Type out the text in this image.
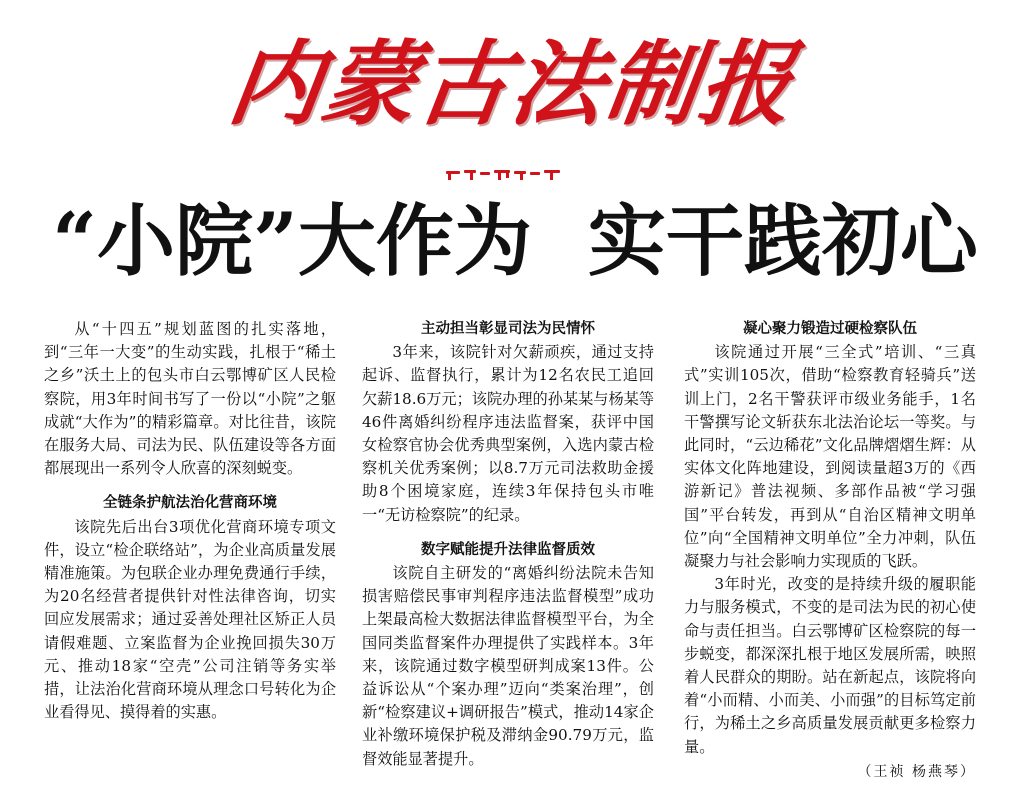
内蒙古法制报
“小院”大作为 实干践初心

从“十四五”规划蓝图的扎实落地，到“三年一大变”的生动实践，扎根于“稀土之乡”沃土上的包头市白云鄂博矿区人民检察院，用3年时间书写了一份以“小院”之躯成就“大作为”的精彩篇章。对比往昔，该院在服务大局、司法为民、队伍建设等各方面都展现出一系列令人欣喜的深刻蜕变。

全链条护航法治化营商环境

该院先后出台3项优化营商环境专项文件，设立“检企联络站”，为企业高质量发展精准施策。为包联企业办理免费通行手续，为20名经营者提供针对性法律咨询，切实回应发展需求；通过妥善处理社区矫正人员请假难题、立案监督为企业挽回损失30万元、推动18家“空壳”公司注销等务实举措，让法治化营商环境从理念口号转化为企业看得见、摸得着的实惠。

主动担当彰显司法为民情怀

3年来，该院针对欠薪顽疾，通过支持起诉、监督执行，累计为12名农民工追回欠薪18.6万元；该院办理的孙某某与杨某等46件离婚纠纷程序违法监督案，获评中国女检察官协会优秀典型案例，入选内蒙古检察机关优秀案例；以8.7万元司法救助金援助8个困境家庭，连续3年保持包头市唯一“无访检察院”的纪录。

数字赋能提升法律监督质效

该院自主研发的“离婚纠纷法院未告知损害赔偿民事审判程序违法监督模型”成功上架最高检大数据法律监督模型平台，为全国同类监督案件办理提供了实践样本。3年来，该院通过数字模型研判成案13件。公益诉讼从“个案办理”迈向“类案治理”，创新“检察建议+调研报告”模式，推动14家企业补缴环境保护税及滞纳金90.79万元，监督效能显著提升。

凝心聚力锻造过硬检察队伍

该院通过开展“三全式”培训、“三真式”实训105次，借助“检察教育轻骑兵”送训上门，2名干警获评市级业务能手，1名干警撰写论文斩获东北法治论坛一等奖。与此同时，“云边稀花”文化品牌熠熠生辉：从实体文化阵地建设，到阅读量超3万的《西游新记》普法视频、多部作品被“学习强国”平台转发，再到从“自治区精神文明单位”向“全国精神文明单位”全力冲刺，队伍凝聚力与社会影响力实现质的飞跃。

3年时光，改变的是持续升级的履职能力与服务模式，不变的是司法为民的初心使命与责任担当。白云鄂博矿区检察院的每一步蜕变，都深深扎根于地区发展所需，映照着人民群众的期盼。站在新起点，该院将向着“小而精、小而美、小而强”的目标笃定前行，为稀土之乡高质量发展贡献更多检察力量。

（王祯 杨燕琴）
